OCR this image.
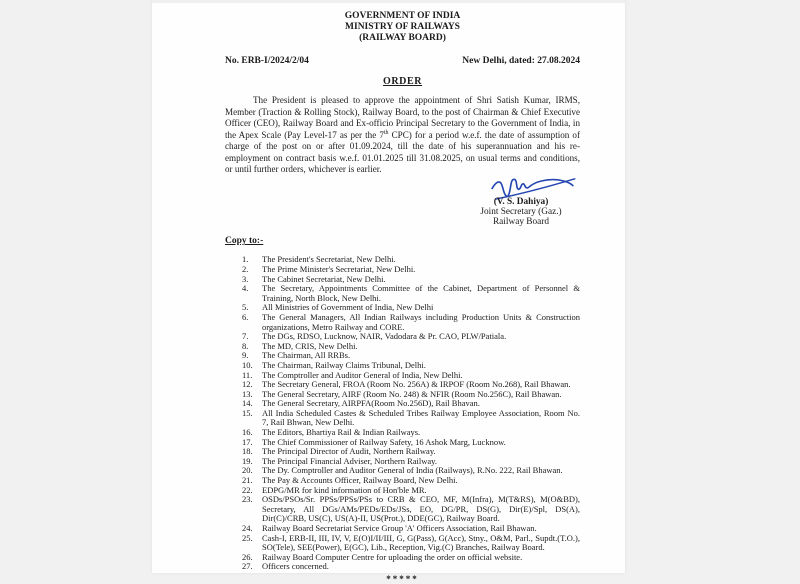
GOVERNMENT OF INDIA
MINISTRY OF RAILWAYS
(RAILWAY BOARD)
No. ERB-I/2024/2/04	New Delhi, dated: 27.08.2024
ORDER

The President is pleased to approve the appointment of Shri Satish Kumar, IRMS, Member (Traction & Rolling Stock), Railway Board, to the post of Chairman & Chief Executive Officer (CEO), Railway Board and Ex-officio Principal Secretary to the Government of India, in the Apex Scale (Pay Level-17 as per the 7th CPC) for a period w.e.f. the date of assumption of charge of the post on or after 01.09.2024, till the date of his superannuation and his re-employment on contract basis w.e.f. 01.01.2025 till 31.08.2025, on usual terms and conditions, or until further orders, whichever is earlier.

(V. S. Dahiya)
Joint Secretary (Gaz.)
Railway Board
Copy to:-
The President's Secretariat, New Delhi.
The Prime Minister's Secretariat, New Delhi.
The Cabinet Secretariat, New Delhi.
The Secretary, Appointments Committee of the Cabinet, Department of Personnel & Training, North Block, New Delhi.
All Ministries of Government of India, New Delhi
The General Managers, All Indian Railways including Production Units & Construction organizations, Metro Railway and CORE.
The DGs, RDSO, Lucknow, NAIR, Vadodara & Pr. CAO, PLW/Patiala.
The MD, CRIS, New Delhi.
The Chairman, All RRBs.
The Chairman, Railway Claims Tribunal, Delhi.
The Comptroller and Auditor General of India, New Delhi.
The Secretary General, FROA (Room No. 256A) & IRPOF (Room No.268), Rail Bhawan.
The General Secretary, AIRF (Room No. 248) & NFIR (Room No.256C), Rail Bhawan.
The General Secretary, AIRPFA(Room No.256D), Rail Bhavan.
All India Scheduled Castes & Scheduled Tribes Railway Employee Association, Room No. 7, Rail Bhwan, New Delhi.
The Editors, Bhartiya Rail & Indian Railways.
The Chief Commissioner of Railway Safety, 16 Ashok Marg, Lucknow.
The Principal Director of Audit, Northern Railway.
The Principal Financial Adviser, Northern Railway.
The Dy. Comptroller and Auditor General of India (Railways), R.No. 222, Rail Bhawan.
The Pay & Accounts Officer, Railway Board, New Delhi.
EDPG/MR for kind information of Hon'ble MR.
OSDs/PSOs/Sr. PPSs/PPSs/PSs to CRB & CEO, MF, M(Infra), M(T&RS), M(O&BD), Secretary, All DGs/AMs/PEDs/EDs/JSs, EO, DG/PR, DS(G), Dir(E)/Spl, DS(A), Dir(C)/CRB, US(C), US(A)-II, US(Prot.), DDE(GC), Railway Board.
Railway Board Secretariat Service Group 'A' Officers Association, Rail Bhawan.
Cash-I, ERB-II, III, IV, V, E(O)I/II/III, G, G(Pass), G(Acc), Stny., O&M, Parl., Supdt.(T.O.), SO(Tele), SEE(Power), E(GC), Lib., Reception, Vig.(C) Branches, Railway Board.
Railway Board Computer Centre for uploading the order on official website.
Officers concerned.
*****
